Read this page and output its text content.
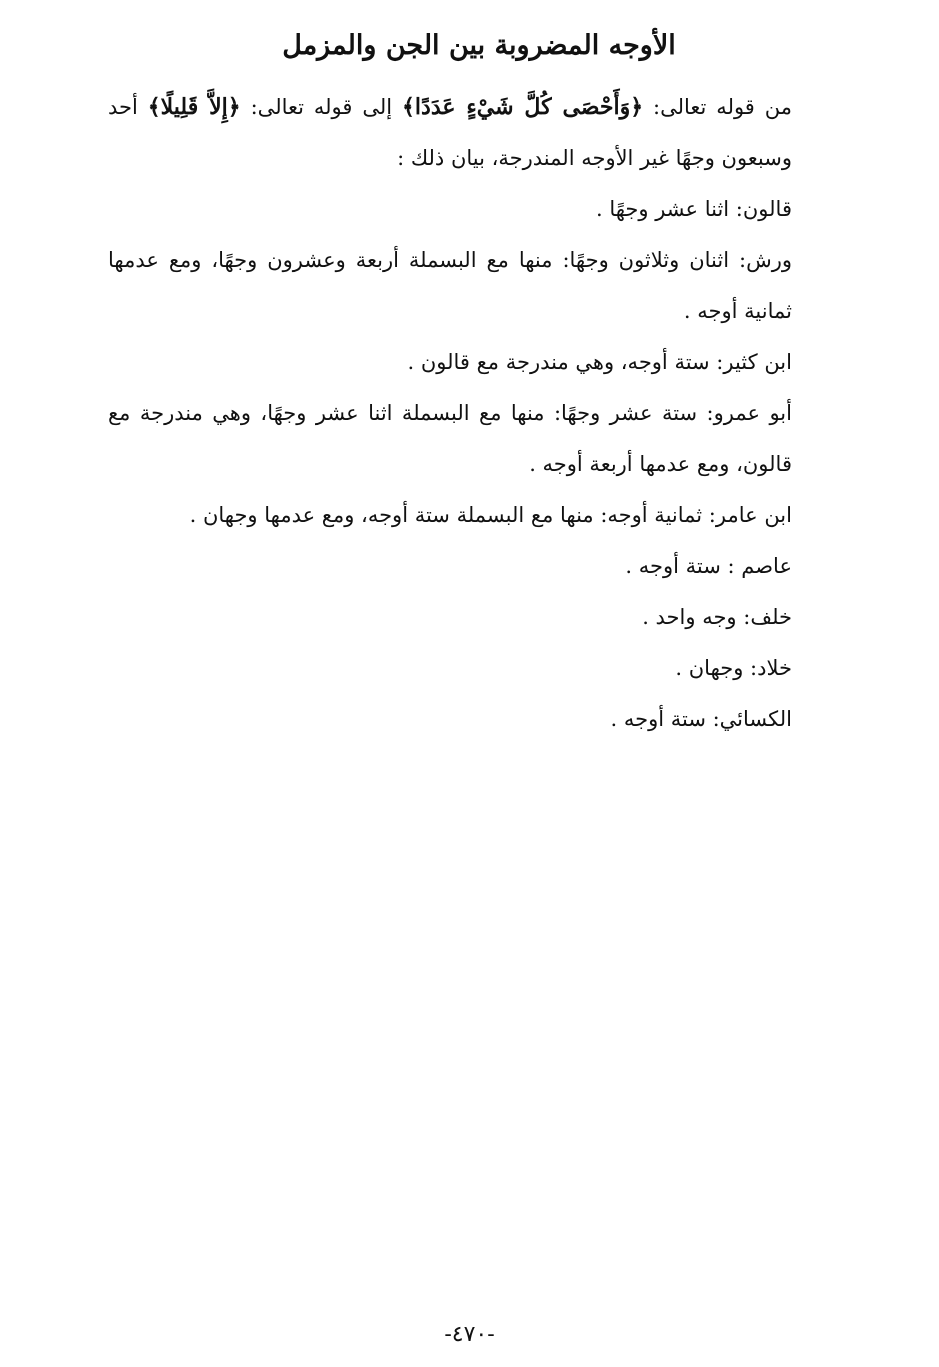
الأوجه المضروبة بين الجن والمزمل

من قوله تعالى: ﴿وَأَحْصَى كُلَّ شَيْءٍ عَدَدًا﴾ إلى قوله تعالى: ﴿إِلاَّ قَلِيلًا﴾ أحد وسبعون وجهًا غير الأوجه المندرجة، بيان ذلك :

قالون: اثنا عشر وجهًا .

ورش: اثنان وثلاثون وجهًا: منها مع البسملة أربعة وعشرون وجهًا، ومع عدمها ثمانية أوجه .

ابن كثير: ستة أوجه، وهي مندرجة مع قالون .

أبو عمرو: ستة عشر وجهًا: منها مع البسملة اثنا عشر وجهًا، وهي مندرجة مع قالون، ومع عدمها أربعة أوجه .

ابن عامر: ثمانية أوجه: منها مع البسملة ستة أوجه، ومع عدمها وجهان .

عاصم : ستة أوجه .

خلف: وجه واحد .

خلاد: وجهان .

الكسائي: ستة أوجه .

-٤٧٠-
